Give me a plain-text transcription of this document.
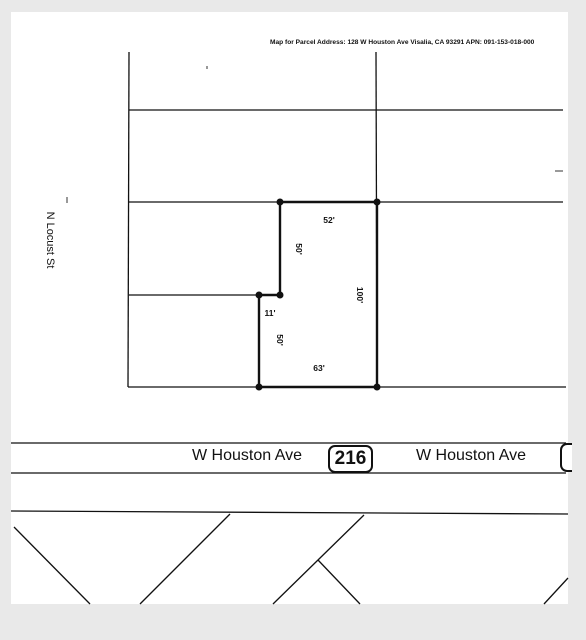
Map for Parcel Address: 128 W Houston Ave Visalia, CA 93291 APN: 091-153-018-000
N Locust St
W Houston Ave 216	W Houston Ave
52'
50'
100'
11'
50'
63'
